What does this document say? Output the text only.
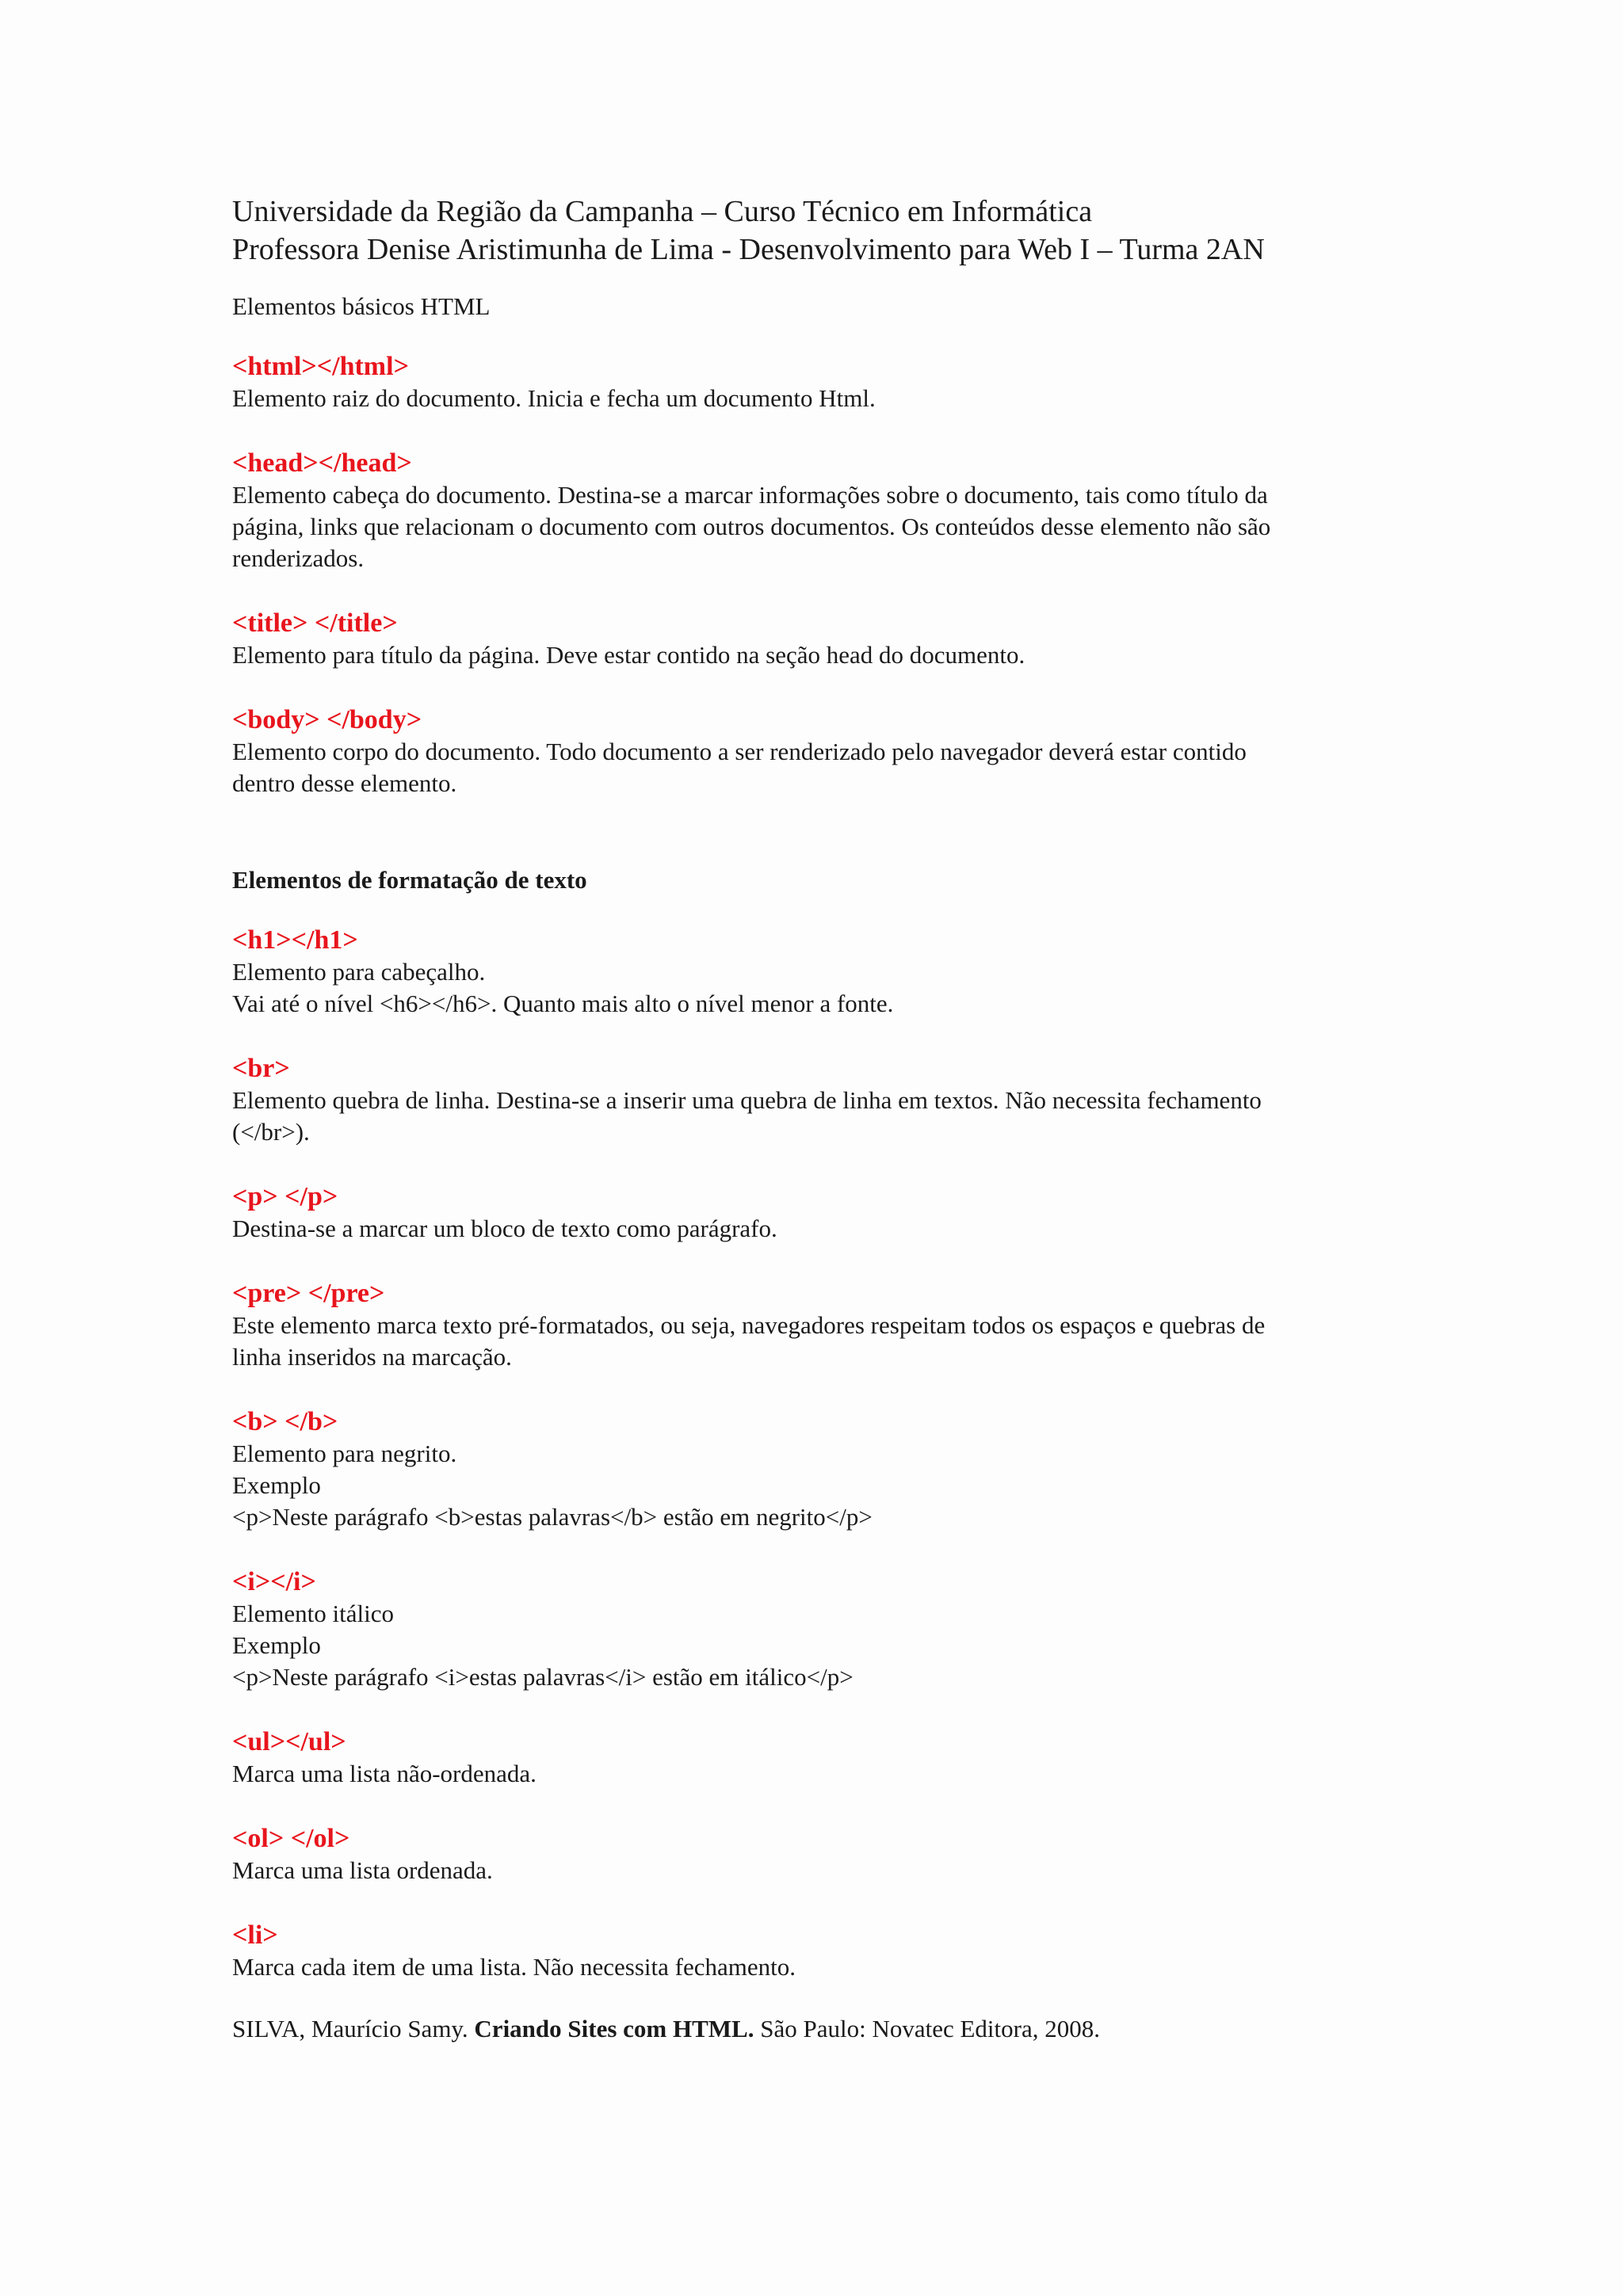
Universidade da Região da Campanha – Curso Técnico em Informática

Professora Denise Aristimunha de Lima - Desenvolvimento para Web I – Turma 2AN

Elementos básicos HTML

<html></html>

Elemento raiz do documento. Inicia e fecha um documento Html.

<head></head>

Elemento cabeça do documento. Destina-se a marcar informações sobre o documento, tais como título da

página, links que relacionam o documento com outros documentos. Os conteúdos desse elemento não são

renderizados.

<title> </title>

Elemento para título da página. Deve estar contido na seção head do documento.

<body> </body>

Elemento corpo do documento. Todo documento a ser renderizado pelo navegador deverá estar contido

dentro desse elemento.

Elementos de formatação de texto

<h1></h1>

Elemento para cabeçalho.

Vai até o nível <h6></h6>. Quanto mais alto o nível menor a fonte.

<br>

Elemento quebra de linha. Destina-se a inserir uma quebra de linha em textos. Não necessita fechamento

(</br>).

<p> </p>

Destina-se a marcar um bloco de texto como parágrafo.

<pre> </pre>

Este elemento marca texto pré-formatados, ou seja, navegadores respeitam todos os espaços e quebras de

linha inseridos na marcação.

<b> </b>

Elemento para negrito.

Exemplo

<p>Neste parágrafo <b>estas palavras</b> estão em negrito</p>

<i></i>

Elemento itálico

Exemplo

<p>Neste parágrafo <i>estas palavras</i> estão em itálico</p>

<ul></ul>

Marca uma lista não-ordenada.

<ol> </ol>

Marca uma lista ordenada.

<li>

Marca cada item de uma lista. Não necessita fechamento.

SILVA, Maurício Samy. Criando Sites com HTML. São Paulo: Novatec Editora, 2008.
